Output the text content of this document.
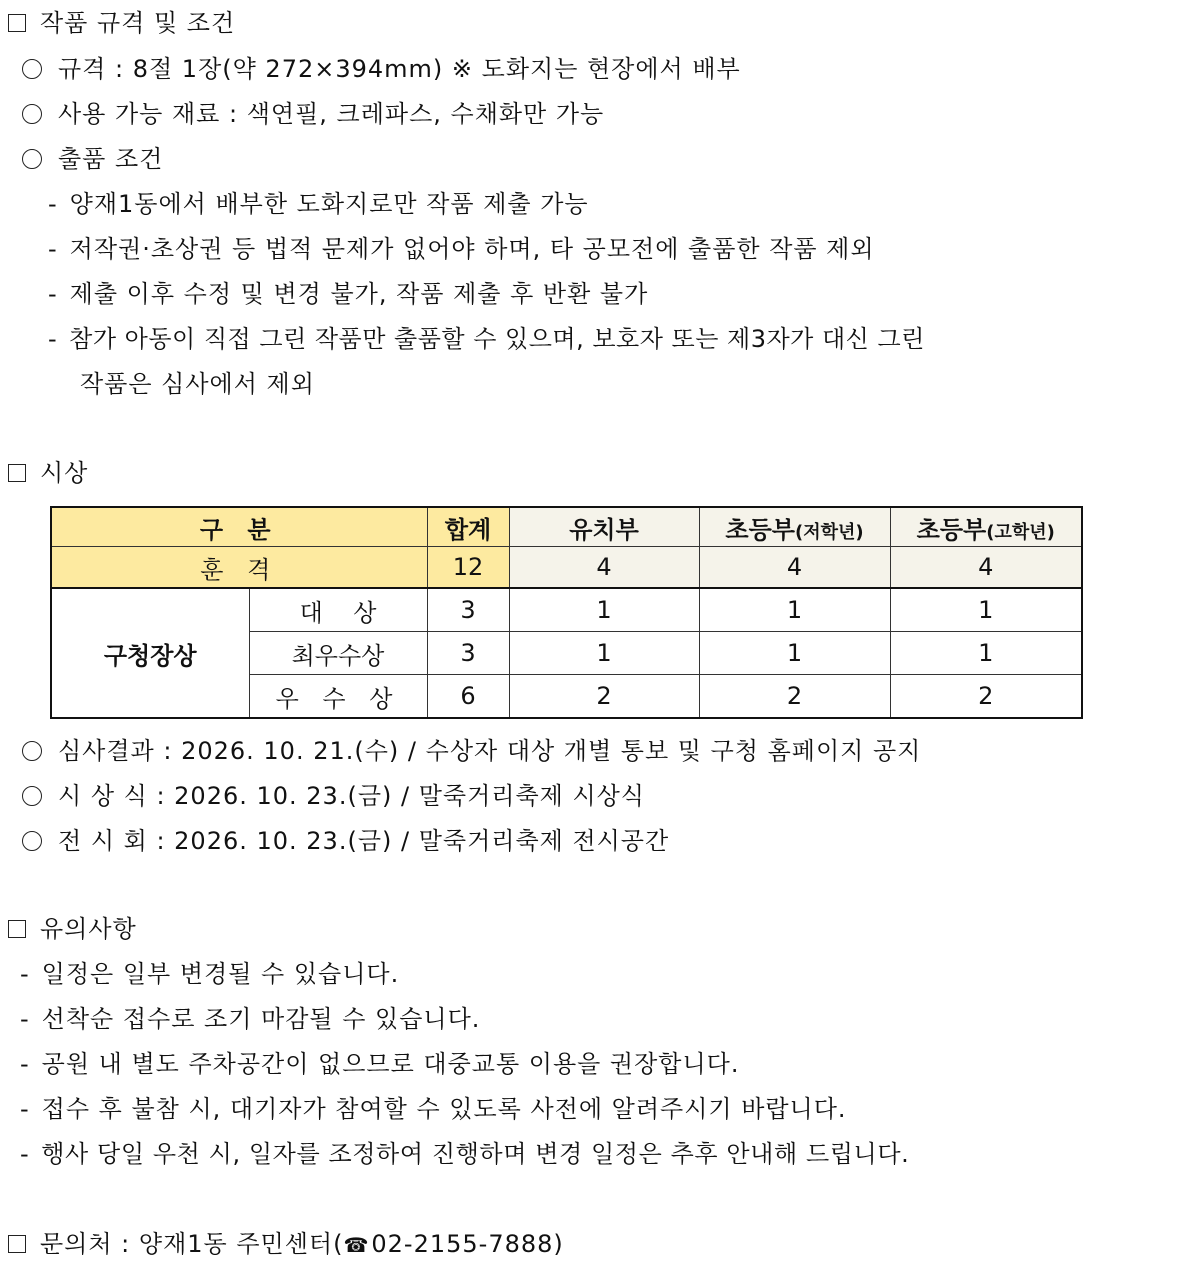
작품 규격 및 조건
규격 : 8절 1장(약 272×394mm) ※ 도화지는 현장에서 배부
사용 가능 재료 : 색연필, 크레파스, 수채화만 가능
출품 조건
- 양재1동에서 배부한 도화지로만 작품 제출 가능
- 저작권·초상권 등 법적 문제가 없어야 하며, 타 공모전에 출품한 작품 제외
- 제출 이후 수정 및 변경 불가, 작품 제출 후 반환 불가
- 참가 아동이 직접 그린 작품만 출품할 수 있으며, 보호자 또는 제3자가 대신 그린
작품은 심사에서 제외
시상
구 분		합계	유치부	초등부(저학년)	초등부(고학년)
훈 격		12	4	4	4
구청장상	대    상	3	1	1	1
	최우수상	3	1	1	1
	우 수 상	6	2	2	2
심사결과 : 2026. 10. 21.(수) / 수상자 대상 개별 통보 및 구청 홈페이지 공지
시 상 식 : 2026. 10. 23.(금) / 말죽거리축제 시상식
전 시 회 : 2026. 10. 23.(금) / 말죽거리축제 전시공간
유의사항
- 일정은 일부 변경될 수 있습니다.
- 선착순 접수로 조기 마감될 수 있습니다.
- 공원 내 별도 주차공간이 없으므로 대중교통 이용을 권장합니다.
- 접수 후 불참 시, 대기자가 참여할 수 있도록 사전에 알려주시기 바랍니다.
- 행사 당일 우천 시, 일자를 조정하여 진행하며 변경 일정은 추후 안내해 드립니다.
문의처 : 양재1동 주민센터(☎02-2155-7888)
